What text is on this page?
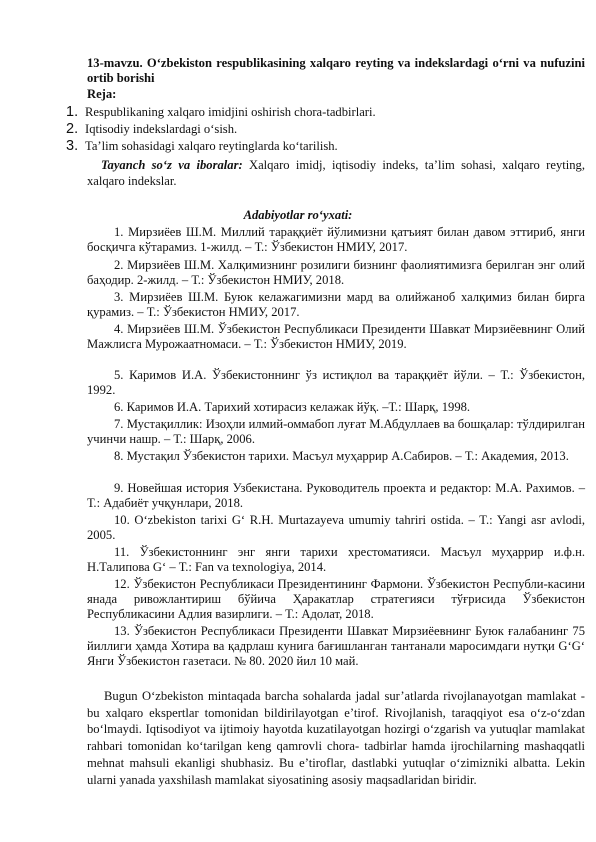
13-mavzu. O‘zbekiston respublikasining xalqaro reyting va indekslardagi o‘rni va nufuzini ortib borishi
Reja:
1. Respublikaning xalqaro imidjini oshirish chora-tadbirlari.
2. Iqtisodiy indekslardagi o‘sish.
3. Ta’lim sohasidagi xalqaro reytinglarda ko‘tarilish.
Tayanch so‘z va iboralar: Xalqaro imidj, iqtisodiy indeks, ta’lim sohasi, xalqaro reyting, xalqaro indekslar.
Adabiyotlar ro‘yxati:
1. Мирзиёев Ш.М. Миллий тараққиёт йўлимизни қатъият билан давом эттириб, янги босқичга кўтарамиз. 1-жилд. – Т.: Ўзбекистон НМИУ, 2017.
2. Мирзиёев Ш.М. Халқимизнинг розилиги бизнинг фаолиятимизга берилган энг олий баҳодир. 2-жилд. – Т.: Ўзбекистон НМИУ, 2018.
3. Мирзиёев Ш.М. Буюк келажагимизни мард ва олийжаноб халқимиз билан бирга қурамиз. – Т.: Ўзбекистон НМИУ, 2017.
4. Мирзиёев Ш.М. Ўзбекистон Республикаси Президенти Шавкат Мирзиёевнинг Олий Мажлисга Мурожаатномаси. – Т.: Ўзбекистон НМИУ, 2019.
5. Каримов И.А. Ўзбекистоннинг ўз истиқлол ва тараққиёт йўли. – Т.: Ўзбекистон, 1992.
6. Каримов И.А. Тарихий хотирасиз келажак йўқ. –Т.: Шарқ, 1998.
7. Мустақиллик: Изоҳли илмий-оммабоп луғат М.Абдуллаев ва бошқалар: тўлдирилган учинчи нашр. – Т.: Шарқ, 2006.
8. Мустақил Ўзбекистон тарихи. Масъул муҳаррир А.Сабиров. – Т.: Академия, 2013.
9. Новейшая история Узбекистана. Руководитель проекта и редактор: М.А. Рахимов. – Т.: Адабиёт учқунлари, 2018.
10. O‘zbekiston tarixi G‘ R.H. Murtazayeva umumiy tahriri ostida. – T.: Yangi asr avlodi, 2005.
11. Ўзбекистоннинг энг янги тарихи хрестоматияси. Масъул муҳаррир и.ф.н. Н.Талипова G‘ – Т.: Fan va texnologiya, 2014.
12. Ўзбекистон Республикаси Президентининг Фармони. Ўзбекистон Республи-касини янада ривожлантириш бўйича Ҳаракатлар стратегияси тўғрисида Ўзбекистон Республикасини Адлия вазирлиги. – Т.: Адолат, 2018.
13. Ўзбекистон Республикаси Президенти Шавкат Мирзиёевнинг Буюк ғалабанинг 75 йиллиги ҳамда Хотира ва қадрлаш кунига бағишланган тантанали маросимдаги нутқи G‘G‘ Янги Ўзбекистон газетаси. № 80. 2020 йил 10 май.
Bugun O‘zbekiston mintaqada barcha sohalarda jadal sur’atlarda rivojlanayotgan mamlakat - bu xalqaro ekspertlar tomonidan bildirilayotgan e’tirof. Rivojlanish, taraqqiyot esa o‘z-o‘zdan bo‘lmaydi. Iqtisodiyot va ijtimoiy hayotda kuzatilayotgan hozirgi o‘zgarish va yutuqlar mamlakat rahbari tomonidan ko‘tarilgan keng qamrovli chora- tadbirlar hamda ijrochilarning mashaqqatli mehnat mahsuli ekanligi shubhasiz. Bu e’tiroflar, dastlabki yutuqlar o‘zimizniki albatta. Lekin ularni yanada yaxshilash mamlakat siyosatining asosiy maqsadlaridan biridir.
